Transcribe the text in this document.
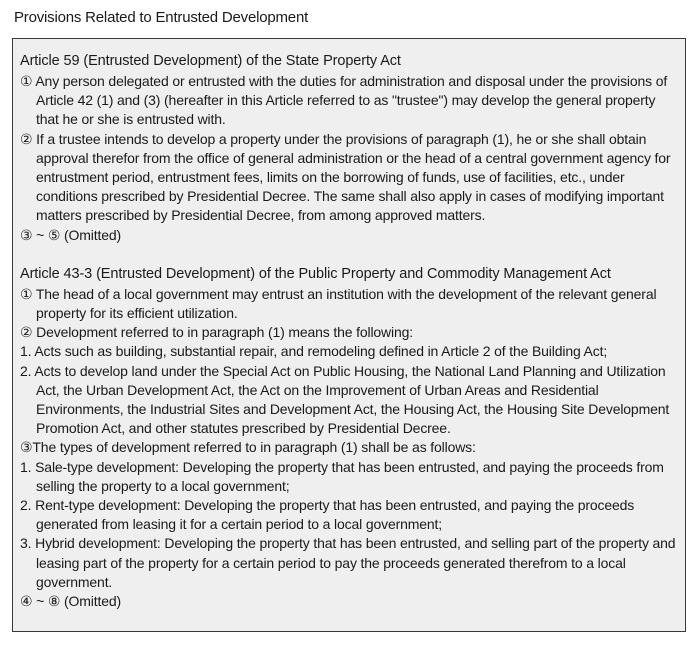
Provisions Related to Entrusted Development

Article 59 (Entrusted Development) of the State Property Act

① Any person delegated or entrusted with the duties for administration and disposal under the provisions of Article 42 (1) and (3) (hereafter in this Article referred to as "trustee") may develop the general property that he or she is entrusted with.

② If a trustee intends to develop a property under the provisions of paragraph (1), he or she shall obtain approval therefor from the office of general administration or the head of a central government agency for entrustment period, entrustment fees, limits on the borrowing of funds, use of facilities, etc., under conditions prescribed by Presidential Decree. The same shall also apply in cases of modifying important matters prescribed by Presidential Decree, from among approved matters.

③ ~ ⑤ (Omitted)

Article 43-3 (Entrusted Development) of the Public Property and Commodity Management Act

① The head of a local government may entrust an institution with the development of the relevant general property for its efficient utilization.

② Development referred to in paragraph (1) means the following:

1. Acts such as building, substantial repair, and remodeling defined in Article 2 of the Building Act;

2. Acts to develop land under the Special Act on Public Housing, the National Land Planning and Utilization Act, the Urban Development Act, the Act on the Improvement of Urban Areas and Residential Environments, the Industrial Sites and Development Act, the Housing Act, the Housing Site Development Promotion Act, and other statutes prescribed by Presidential Decree.

③The types of development referred to in paragraph (1) shall be as follows:

1. Sale-type development: Developing the property that has been entrusted, and paying the proceeds from selling the property to a local government;

2. Rent-type development: Developing the property that has been entrusted, and paying the proceeds generated from leasing it for a certain period to a local government;

3. Hybrid development: Developing the property that has been entrusted, and selling part of the property and leasing part of the property for a certain period to pay the proceeds generated therefrom to a local government.

④ ~ ⑧ (Omitted)
